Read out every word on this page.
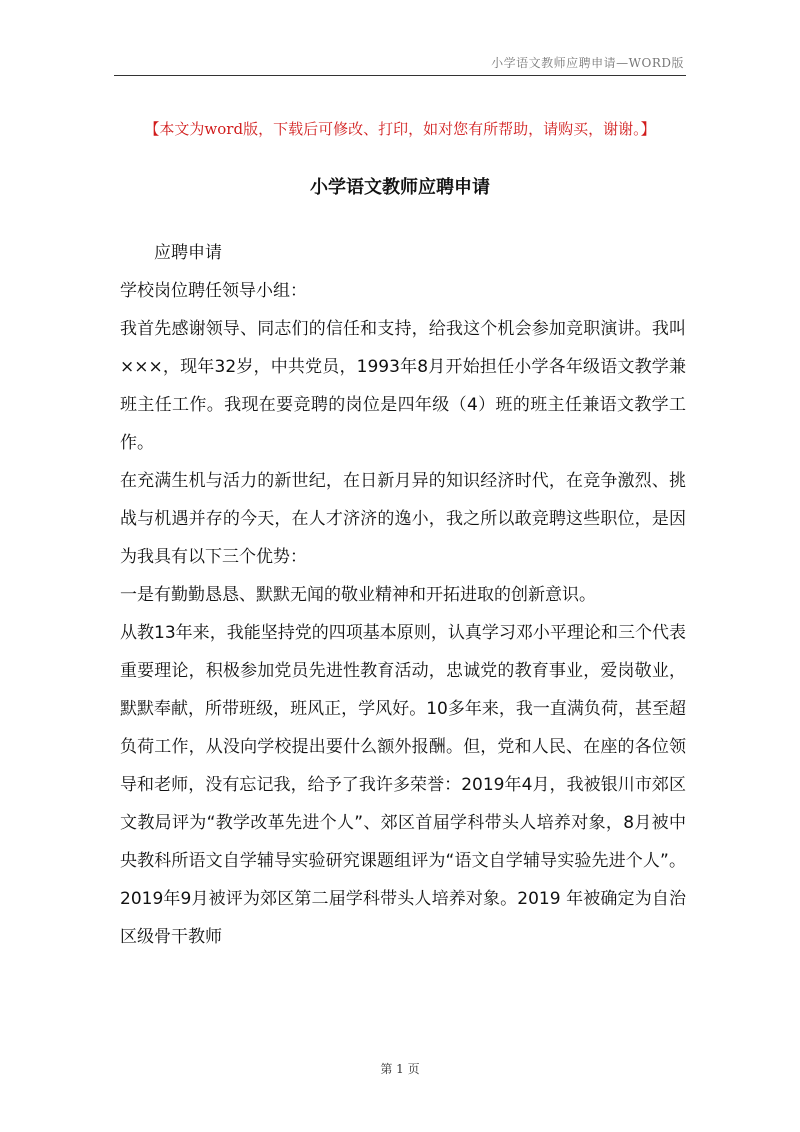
小学语文教师应聘申请—WORD版
【本文为word版，下载后可修改、打印，如对您有所帮助，请购买，谢谢。】
小学语文教师应聘申请

应聘申请

学校岗位聘任领导小组：

我首先感谢领导、同志们的信任和支持，给我这个机会参加竞职演讲。我叫×××，现年32岁，中共党员，1993年8月开始担任小学各年级语文教学兼班主任工作。我现在要竞聘的岗位是四年级（4）班的班主任兼语文教学工作。

在充满生机与活力的新世纪，在日新月异的知识经济时代，在竞争激烈、挑战与机遇并存的今天，在人才济济的逸小，我之所以敢竞聘这些职位，是因为我具有以下三个优势：

一是有勤勤恳恳、默默无闻的敬业精神和开拓进取的创新意识。

从教13年来，我能坚持党的四项基本原则，认真学习邓小平理论和三个代表重要理论，积极参加党员先进性教育活动，忠诚党的教育事业，爱岗敬业，默默奉献，所带班级，班风正，学风好。10多年来，我一直满负荷，甚至超负荷工作，从没向学校提出要什么额外报酬。但，党和人民、在座的各位领导和老师，没有忘记我，给予了我许多荣誉：2019年4月，我被银川市郊区文教局评为“教学改革先进个人”、郊区首届学科带头人培养对象，8月被中央教科所语文自学辅导实验研究课题组评为“语文自学辅导实验先进个人”。2019年9月被评为郊区第二届学科带头人培养对象。2019 年被确定为自治区级骨干教师

第 1 页
